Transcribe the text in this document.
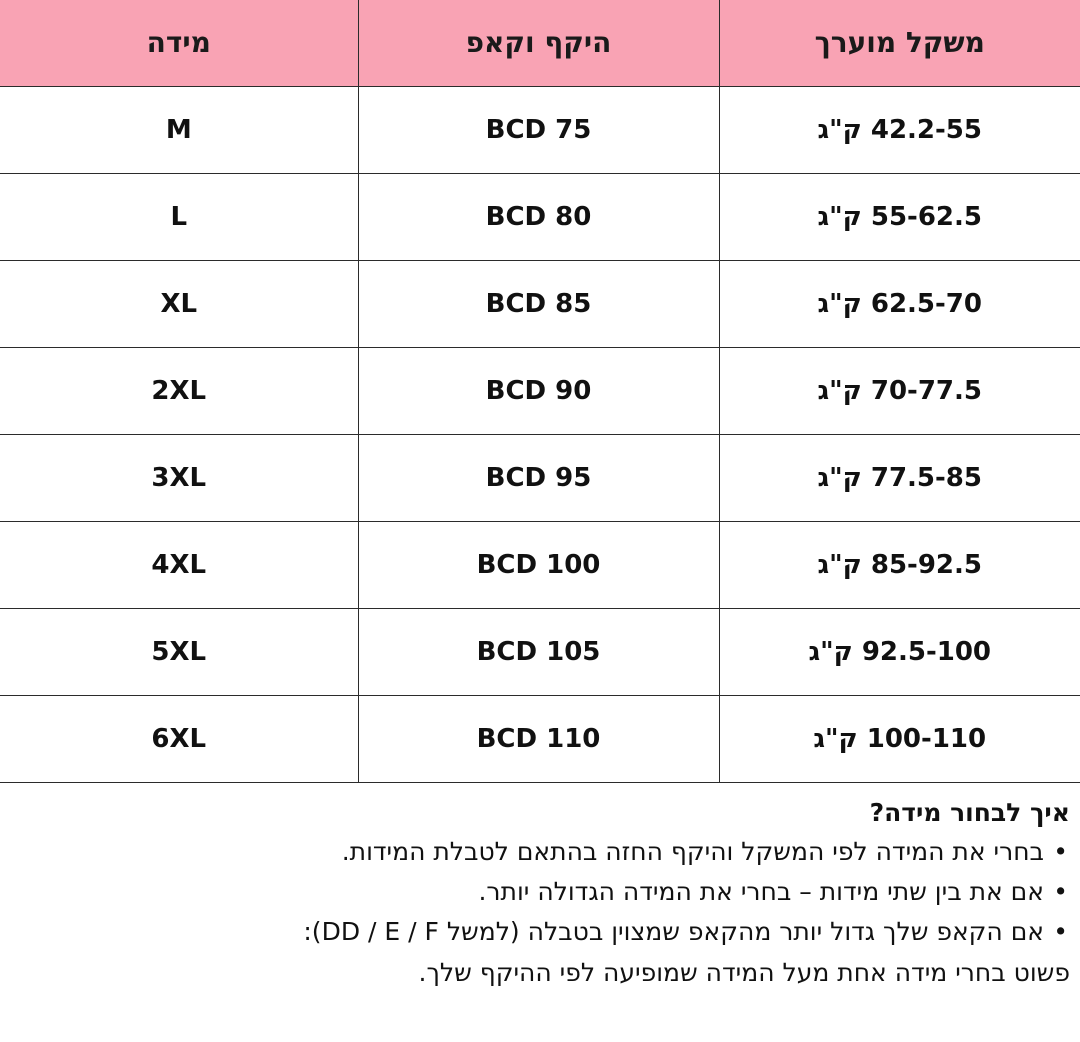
משקל מוערך	היקף וקאפ	מידה
42.2-55 ק"ג	BCD 75	M
55-62.5 ק"ג	BCD 80	L
62.5-70 ק"ג	BCD 85	XL
70-77.5 ק"ג	BCD 90	2XL
77.5-85 ק"ג	BCD 95	3XL
85-92.5 ק"ג	BCD 100	4XL
92.5-100 ק"ג	BCD 105	5XL
100-110 ק"ג	BCD 110	6XL
איך לבחור מידה?
• בחרי את המידה לפי המשקל והיקף החזה בהתאם לטבלת המידות.
• אם את בין שתי מידות – בחרי את המידה הגדולה יותר.
• אם הקאפ שלך גדול יותר מהקאפ שמצוין בטבלה (למשל DD / E / F):
פשוט בחרי מידה אחת מעל המידה שמופיעה לפי ההיקף שלך.
